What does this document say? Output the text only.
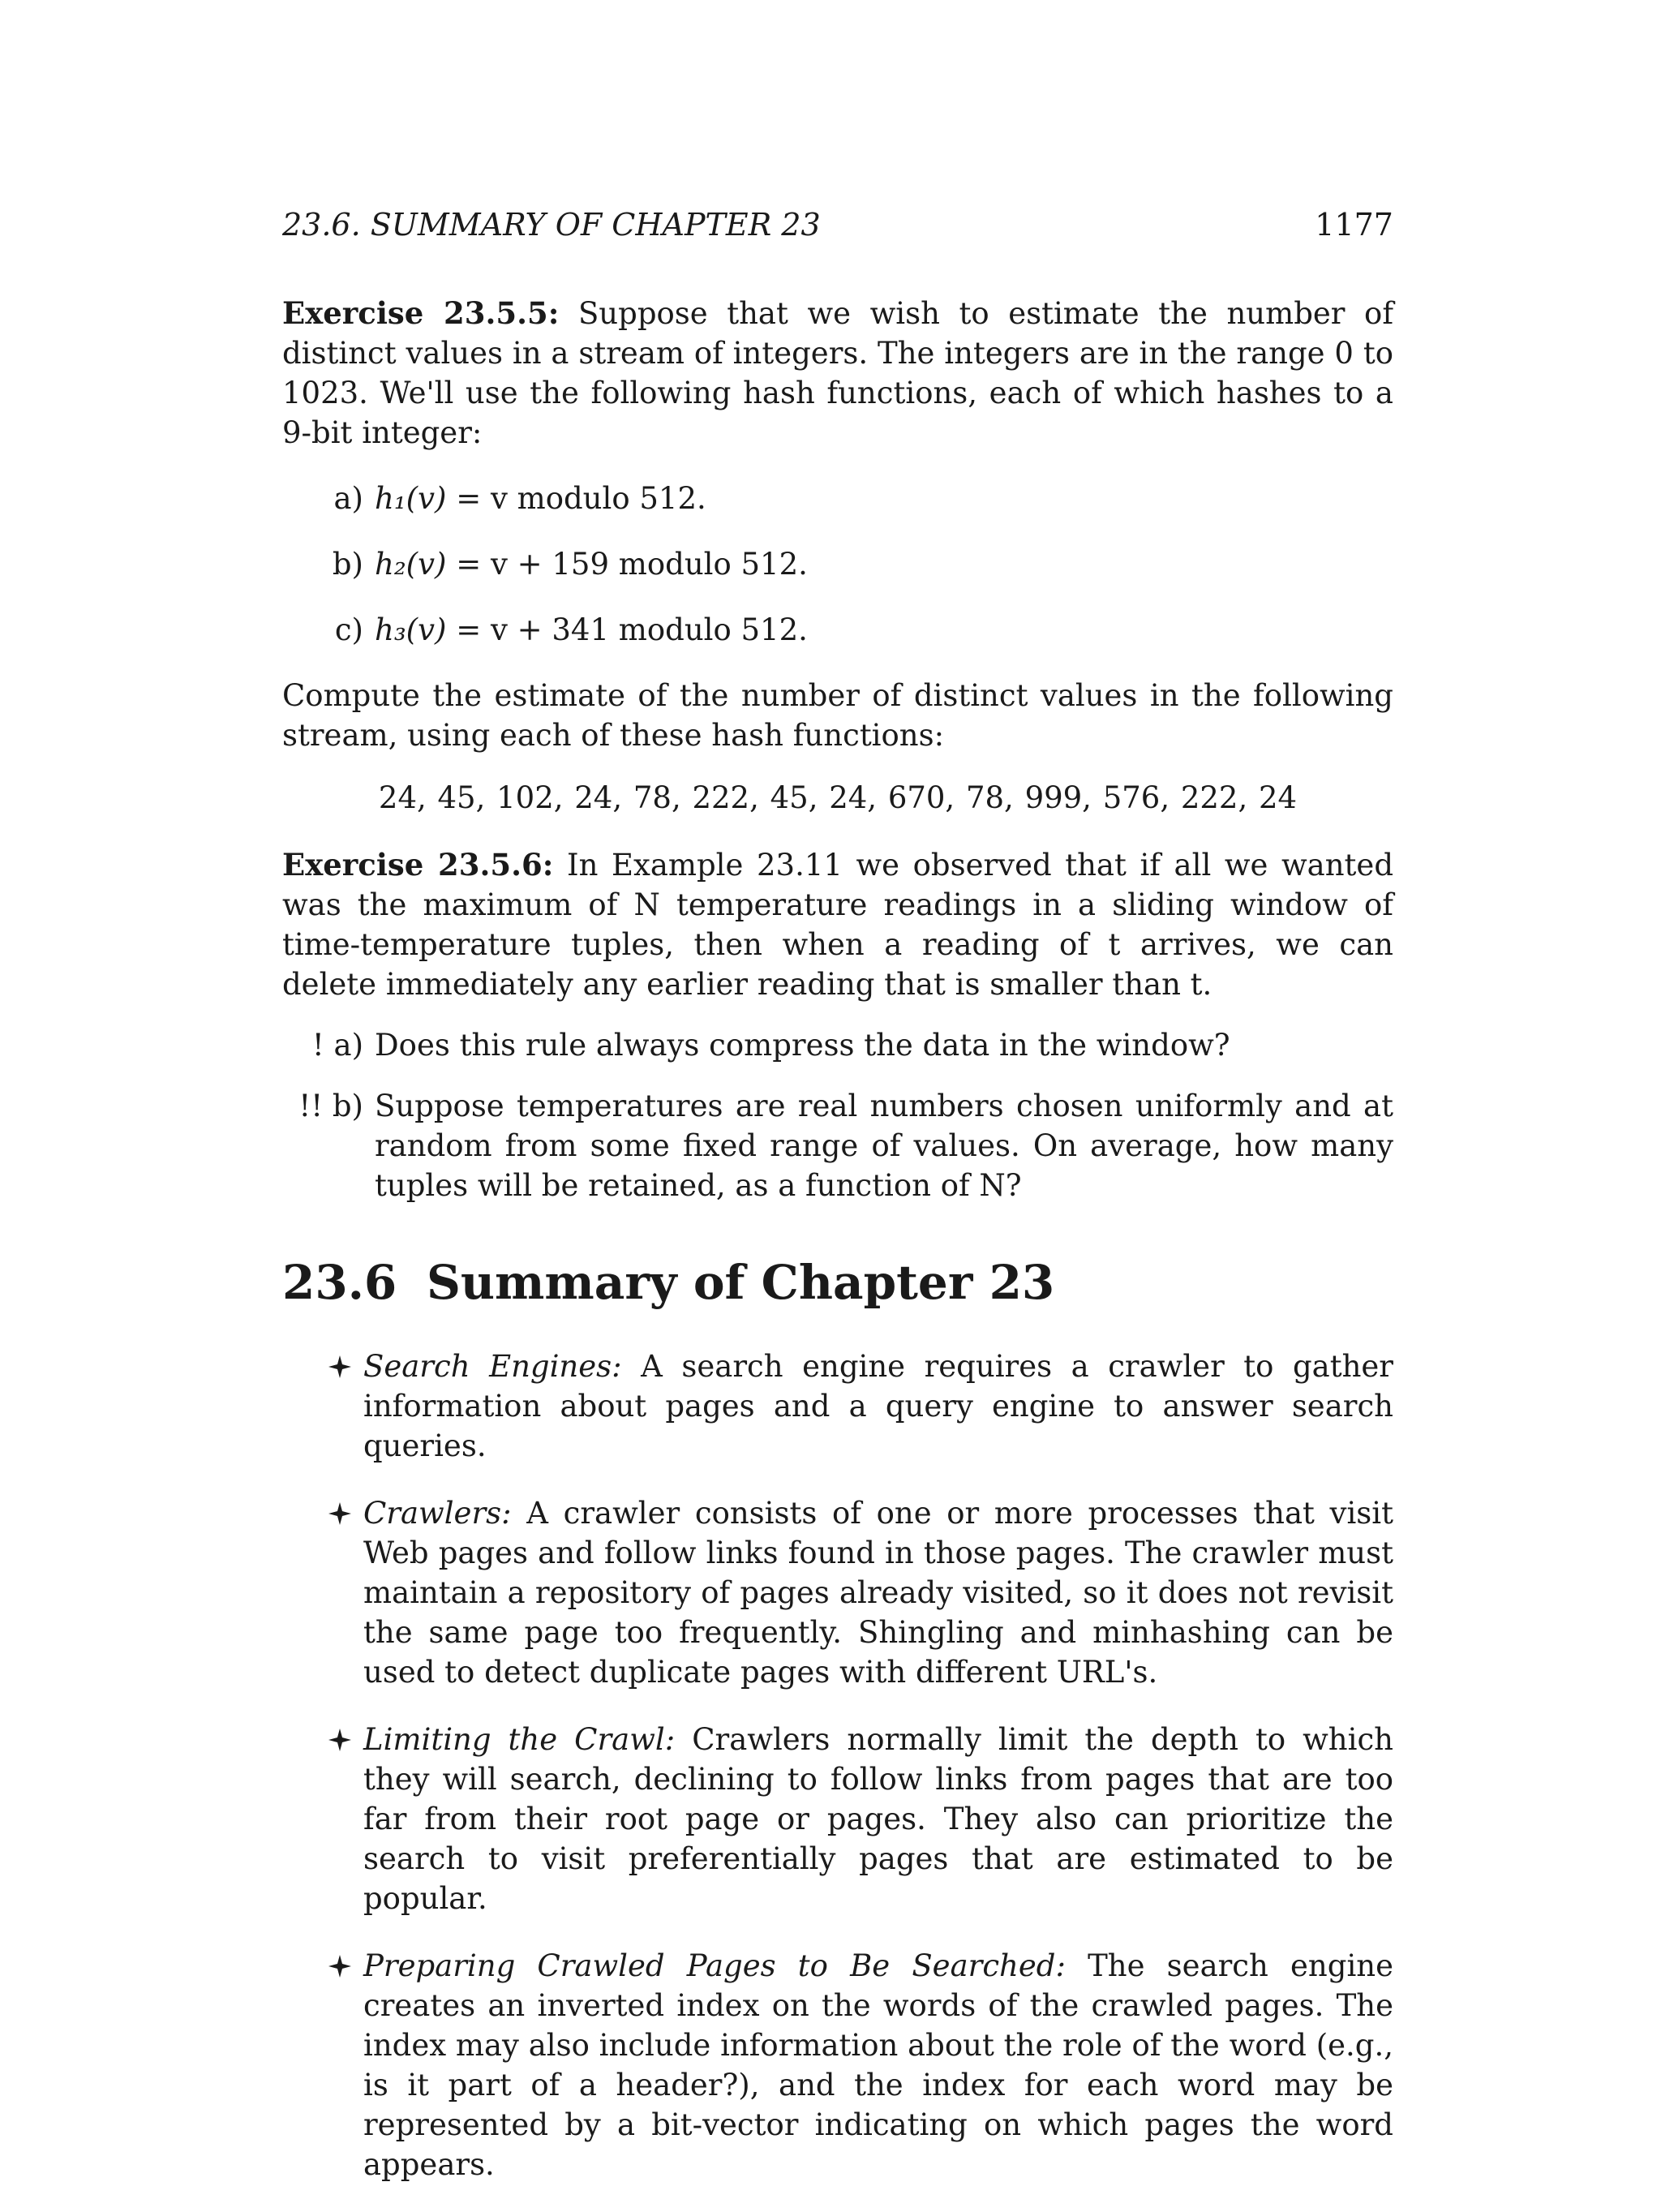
23.6. SUMMARY OF CHAPTER 23	1177

Exercise 23.5.5: Suppose that we wish to estimate the number of distinct values in a stream of integers. The integers are in the range 0 to 1023. We'll use the following hash functions, each of which hashes to a 9-bit integer:

a) h₁(v) = v modulo 512.
b) h₂(v) = v + 159 modulo 512.
c) h₃(v) = v + 341 modulo 512.

Compute the estimate of the number of distinct values in the following stream, using each of these hash functions:

24, 45, 102, 24, 78, 222, 45, 24, 670, 78, 999, 576, 222, 24

Exercise 23.5.6: In Example 23.11 we observed that if all we wanted was the maximum of N temperature readings in a sliding window of time-temperature tuples, then when a reading of t arrives, we can delete immediately any earlier reading that is smaller than t.

! a) Does this rule always compress the data in the window?
!! b) Suppose temperatures are real numbers chosen uniformly and at random from some fixed range of values. On average, how many tuples will be retained, as a function of N?
23.6 Summary of Chapter 23
Search Engines: A search engine requires a crawler to gather information about pages and a query engine to answer search queries.
Crawlers: A crawler consists of one or more processes that visit Web pages and follow links found in those pages. The crawler must maintain a repository of pages already visited, so it does not revisit the same page too frequently. Shingling and minhashing can be used to detect duplicate pages with different URL's.
Limiting the Crawl: Crawlers normally limit the depth to which they will search, declining to follow links from pages that are too far from their root page or pages. They also can prioritize the search to visit preferentially pages that are estimated to be popular.
Preparing Crawled Pages to Be Searched: The search engine creates an inverted index on the words of the crawled pages. The index may also include information about the role of the word (e.g., is it part of a header?), and the index for each word may be represented by a bit-vector indicating on which pages the word appears.
